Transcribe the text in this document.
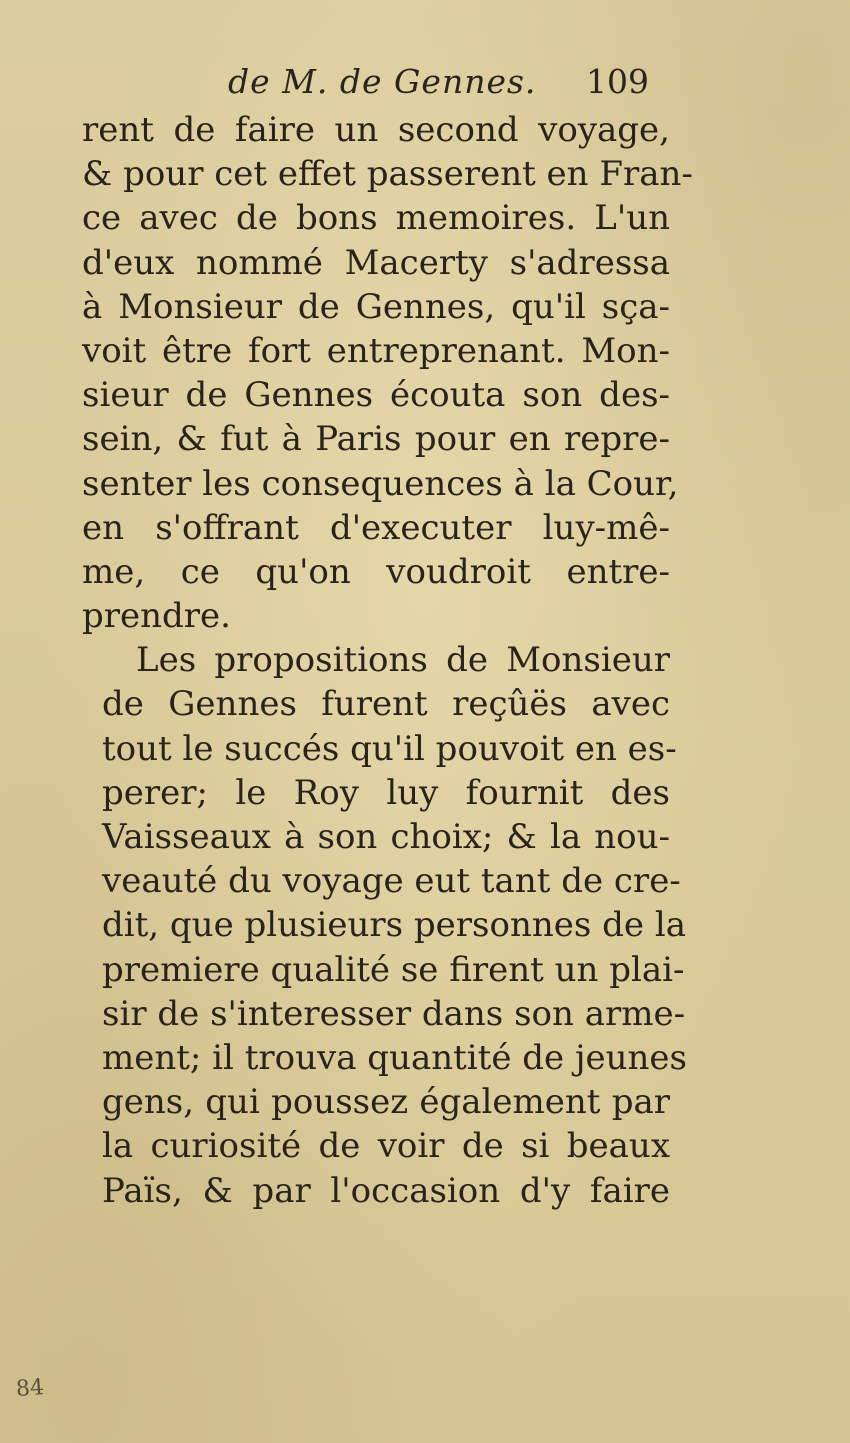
de M. de Gennes. 109
rent de faire un second voyage,
& pour cet effet passerent en Fran-
ce avec de bons memoires. L'un
d'eux nommé Macerty s'adressa
à Monsieur de Gennes, qu'il sça-
voit être fort entreprenant. Mon-
sieur de Gennes écouta son des-
sein, & fut à Paris pour en repre-
senter les consequences à la Cour,
en s'offrant d'executer luy-mê-
me, ce qu'on voudroit entre-
prendre.
Les propositions de Monsieur
de Gennes furent reçûës avec
tout le succés qu'il pouvoit en es-
perer; le Roy luy fournit des
Vaisseaux à son choix; & la nou-
veauté du voyage eut tant de cre-
dit, que plusieurs personnes de la
premiere qualité se firent un plai-
sir de s'interesser dans son arme-
ment; il trouva quantité de jeunes
gens, qui poussez également par
la curiosité de voir de si beaux
Païs, & par l'occasion d'y faire
84
